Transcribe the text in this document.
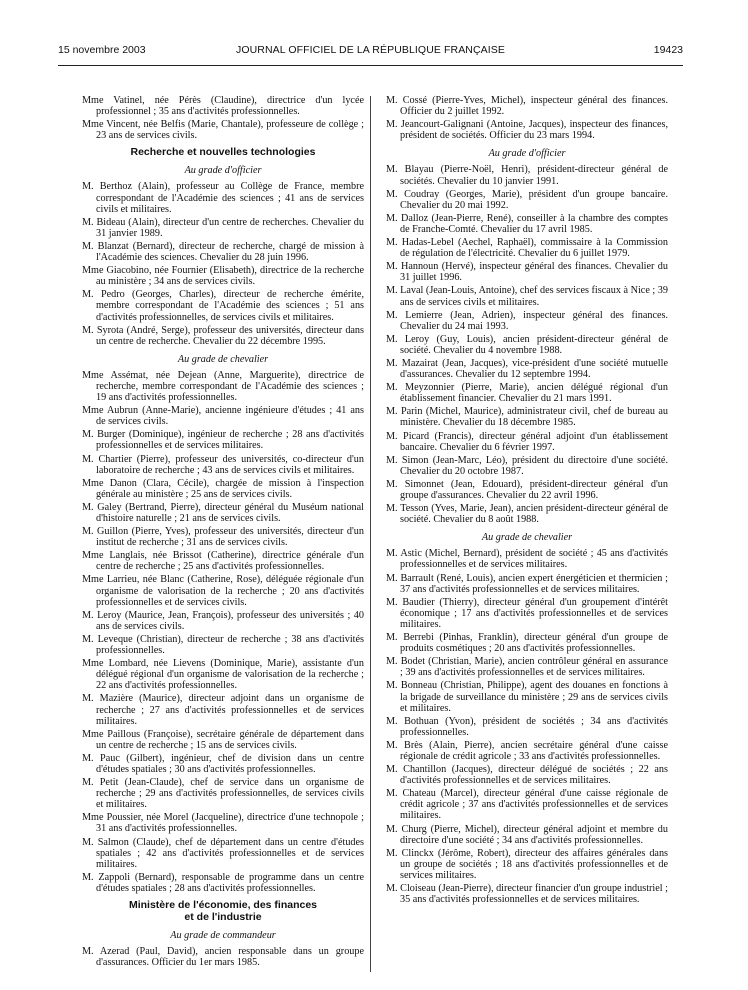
15 novembre 2003	JOURNAL OFFICIEL DE LA RÉPUBLIQUE FRANÇAISE	19423

Mme Vatinel, née Pérès (Claudine), directrice d'un lycée professionnel ; 35 ans d'activités professionnelles.

Mme Vincent, née Belfis (Marie, Chantale), professeure de collège ; 23 ans de services civils.

Recherche et nouvelles technologies
Au grade d'officier

M. Berthoz (Alain), professeur au Collège de France, membre correspondant de l'Académie des sciences ; 41 ans de services civils et militaires.

M. Bideau (Alain), directeur d'un centre de recherches. Chevalier du 31 janvier 1989.

M. Blanzat (Bernard), directeur de recherche, chargé de mission à l'Académie des sciences. Chevalier du 28 juin 1996.

Mme Giacobino, née Fournier (Elisabeth), directrice de la recherche au ministère ; 34 ans de services civils.

M. Pedro (Georges, Charles), directeur de recherche émérite, membre correspondant de l'Académie des sciences ; 51 ans d'activités professionnelles, de services civils et militaires.

M. Syrota (André, Serge), professeur des universités, directeur dans un centre de recherche. Chevalier du 22 décembre 1995.

Au grade de chevalier

Mme Assémat, née Dejean (Anne, Marguerite), directrice de recherche, membre correspondant de l'Académie des sciences ; 19 ans d'activités professionnelles.

Mme Aubrun (Anne-Marie), ancienne ingénieure d'études ; 41 ans de services civils.

M. Burger (Dominique), ingénieur de recherche ; 28 ans d'activités professionnelles et de services militaires.

M. Chartier (Pierre), professeur des universités, co-directeur d'un laboratoire de recherche ; 43 ans de services civils et militaires.

Mme Danon (Clara, Cécile), chargée de mission à l'inspection générale au ministère ; 25 ans de services civils.

M. Galey (Bertrand, Pierre), directeur général du Muséum national d'histoire naturelle ; 21 ans de services civils.

M. Guillon (Pierre, Yves), professeur des universités, directeur d'un institut de recherche ; 31 ans de services civils.

Mme Langlais, née Brissot (Catherine), directrice générale d'un centre de recherche ; 25 ans d'activités professionnelles.

Mme Larrieu, née Blanc (Catherine, Rose), déléguée régionale d'un organisme de valorisation de la recherche ; 20 ans d'activités professionnelles et de services civils.

M. Leroy (Maurice, Jean, François), professeur des universités ; 40 ans de services civils.

M. Leveque (Christian), directeur de recherche ; 38 ans d'activités professionnelles.

Mme Lombard, née Lievens (Dominique, Marie), assistante d'un délégué régional d'un organisme de valorisation de la recherche ; 22 ans d'activités professionnelles.

M. Mazière (Maurice), directeur adjoint dans un organisme de recherche ; 27 ans d'activités professionnelles et de services militaires.

Mme Paillous (Françoise), secrétaire générale de département dans un centre de recherche ; 15 ans de services civils.

M. Pauc (Gilbert), ingénieur, chef de division dans un centre d'études spatiales ; 30 ans d'activités professionnelles.

M. Petit (Jean-Claude), chef de service dans un organisme de recherche ; 29 ans d'activités professionnelles, de services civils et militaires.

Mme Poussier, née Morel (Jacqueline), directrice d'une technopole ; 31 ans d'activités professionnelles.

M. Salmon (Claude), chef de département dans un centre d'études spatiales ; 42 ans d'activités professionnelles et de services militaires.

M. Zappoli (Bernard), responsable de programme dans un centre d'études spatiales ; 28 ans d'activités professionnelles.

Ministère de l'économie, des finances
et de l'industrie
Au grade de commandeur

M. Azerad (Paul, David), ancien responsable dans un groupe d'assurances. Officier du 1er mars 1985.

M. Cossé (Pierre-Yves, Michel), inspecteur général des finances. Officier du 2 juillet 1992.

M. Jeancourt-Galignani (Antoine, Jacques), inspecteur des finances, président de sociétés. Officier du 23 mars 1994.

Au grade d'officier

M. Blayau (Pierre-Noël, Henri), président-directeur général de sociétés. Chevalier du 10 janvier 1991.

M. Coudray (Georges, Marie), président d'un groupe bancaire. Chevalier du 20 mai 1992.

M. Dalloz (Jean-Pierre, René), conseiller à la chambre des comptes de Franche-Comté. Chevalier du 17 avril 1985.

M. Hadas-Lebel (Aechel, Raphaël), commissaire à la Commission de régulation de l'électricité. Chevalier du 6 juillet 1979.

M. Hannoun (Hervé), inspecteur général des finances. Chevalier du 31 juillet 1996.

M. Laval (Jean-Louis, Antoine), chef des services fiscaux à Nice ; 39 ans de services civils et militaires.

M. Lemierre (Jean, Adrien), inspecteur général des finances. Chevalier du 24 mai 1993.

M. Leroy (Guy, Louis), ancien président-directeur général de société. Chevalier du 4 novembre 1988.

M. Mazairat (Jean, Jacques), vice-président d'une société mutuelle d'assurances. Chevalier du 12 septembre 1994.

M. Meyzonnier (Pierre, Marie), ancien délégué régional d'un établissement financier. Chevalier du 21 mars 1991.

M. Parin (Michel, Maurice), administrateur civil, chef de bureau au ministère. Chevalier du 18 décembre 1985.

M. Picard (Francis), directeur général adjoint d'un établissement bancaire. Chevalier du 6 février 1997.

M. Simon (Jean-Marc, Léo), président du directoire d'une société. Chevalier du 20 octobre 1987.

M. Simonnet (Jean, Edouard), président-directeur général d'un groupe d'assurances. Chevalier du 22 avril 1996.

M. Tesson (Yves, Marie, Jean), ancien président-directeur général de société. Chevalier du 8 août 1988.

Au grade de chevalier

M. Astic (Michel, Bernard), président de société ; 45 ans d'activités professionnelles et de services militaires.

M. Barrault (René, Louis), ancien expert énergéticien et thermicien ; 37 ans d'activités professionnelles et de services militaires.

M. Baudier (Thierry), directeur général d'un groupement d'intérêt économique ; 17 ans d'activités professionnelles et de services militaires.

M. Berrebi (Pinhas, Franklin), directeur général d'un groupe de produits cosmétiques ; 20 ans d'activités professionnelles.

M. Bodet (Christian, Marie), ancien contrôleur général en assurance ; 39 ans d'activités professionnelles et de services militaires.

M. Bonneau (Christian, Philippe), agent des douanes en fonctions à la brigade de surveillance du ministère ; 29 ans de services civils et militaires.

M. Bothuan (Yvon), président de sociétés ; 34 ans d'activités professionnelles.

M. Brès (Alain, Pierre), ancien secrétaire général d'une caisse régionale de crédit agricole ; 33 ans d'activités professionnelles.

M. Chantillon (Jacques), directeur délégué de sociétés ; 22 ans d'activités professionnelles et de services militaires.

M. Chateau (Marcel), directeur général d'une caisse régionale de crédit agricole ; 37 ans d'activités professionnelles et de services militaires.

M. Churg (Pierre, Michel), directeur général adjoint et membre du directoire d'une société ; 34 ans d'activités professionnelles.

M. Clinckx (Jérôme, Robert), directeur des affaires générales dans un groupe de sociétés ; 18 ans d'activités professionnelles et de services militaires.

M. Cloiseau (Jean-Pierre), directeur financier d'un groupe industriel ; 35 ans d'activités professionnelles et de services militaires.
